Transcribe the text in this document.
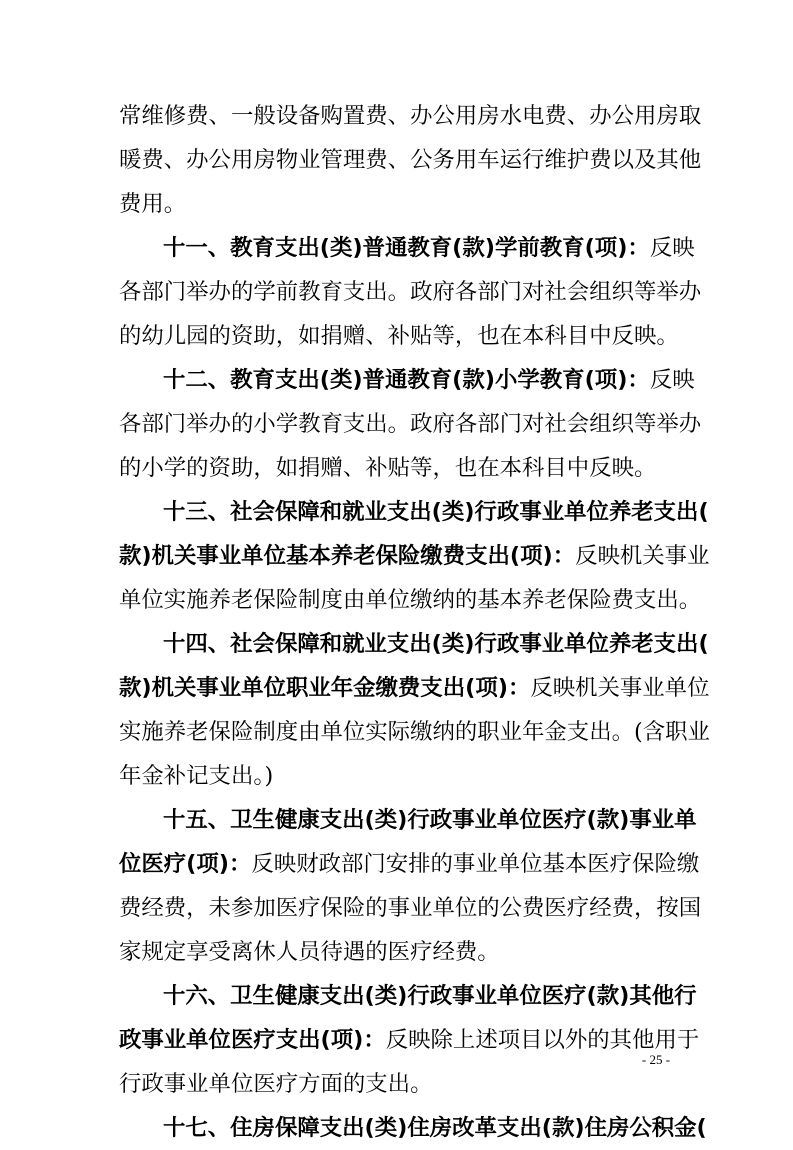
常维修费、一般设备购置费、办公用房水电费、办公用房取
暖费、办公用房物业管理费、公务用车运行维护费以及其他
费用。
十一、教育支出(类)普通教育(款)学前教育(项)：反映
各部门举办的学前教育支出。政府各部门对社会组织等举办
的幼儿园的资助，如捐赠、补贴等，也在本科目中反映。
十二、教育支出(类)普通教育(款)小学教育(项)：反映
各部门举办的小学教育支出。政府各部门对社会组织等举办
的小学的资助，如捐赠、补贴等，也在本科目中反映。
十三、社会保障和就业支出(类)行政事业单位养老支出(
款)机关事业单位基本养老保险缴费支出(项)：反映机关事业
单位实施养老保险制度由单位缴纳的基本养老保险费支出。
十四、社会保障和就业支出(类)行政事业单位养老支出(
款)机关事业单位职业年金缴费支出(项)：反映机关事业单位
实施养老保险制度由单位实际缴纳的职业年金支出。(含职业
年金补记支出。)
十五、卫生健康支出(类)行政事业单位医疗(款)事业单
位医疗(项)：反映财政部门安排的事业单位基本医疗保险缴
费经费，未参加医疗保险的事业单位的公费医疗经费，按国
家规定享受离休人员待遇的医疗经费。
十六、卫生健康支出(类)行政事业单位医疗(款)其他行
政事业单位医疗支出(项)：反映除上述项目以外的其他用于
行政事业单位医疗方面的支出。
十七、住房保障支出(类)住房改革支出(款)住房公积金(
- 25 -
